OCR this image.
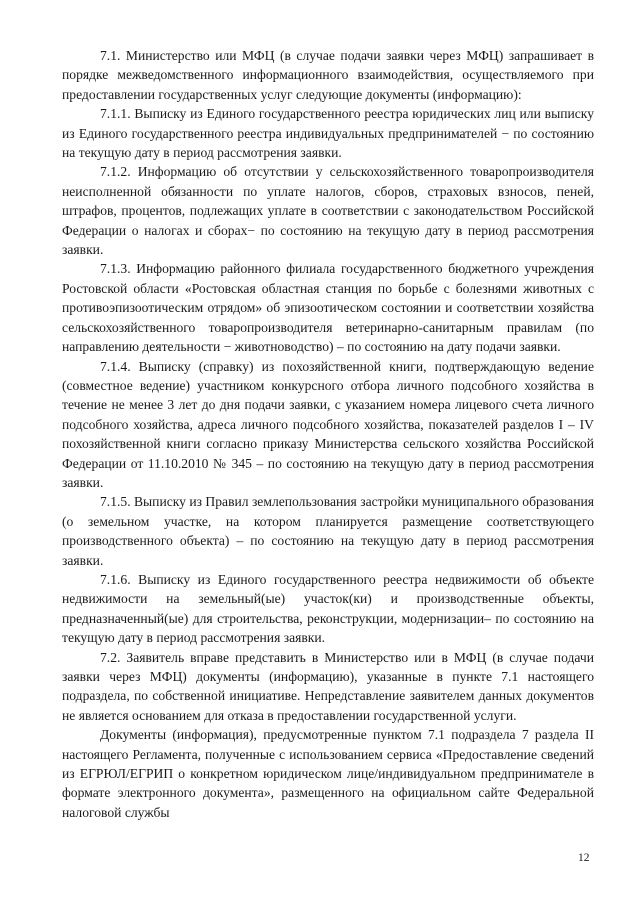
7.1. Министерство или МФЦ (в случае подачи заявки через МФЦ) запрашивает в порядке межведомственного информационного взаимодействия, осуществляемого при предоставлении государственных услуг следующие документы (информацию):

7.1.1. Выписку из Единого государственного реестра юридических лиц или выписку из Единого государственного реестра индивидуальных предпринимателей − по состоянию на текущую дату в период рассмотрения заявки.

7.1.2. Информацию об отсутствии у сельскохозяйственного товаропроизводителя неисполненной обязанности по уплате налогов, сборов, страховых взносов, пеней, штрафов, процентов, подлежащих уплате в соответствии с законодательством Российской Федерации о налогах и сборах− по состоянию на текущую дату в период рассмотрения заявки.

7.1.3. Информацию районного филиала государственного бюджетного учреждения Ростовской области «Ростовская областная станция по борьбе с болезнями животных с противоэпизоотическим отрядом» об эпизоотическом состоянии и соответствии хозяйства сельскохозяйственного товаропроизводителя ветеринарно-санитарным правилам (по направлению деятельности − животноводство) – по состоянию на дату подачи заявки.

7.1.4. Выписку (справку) из похозяйственной книги, подтверждающую ведение (совместное ведение) участником конкурсного отбора личного подсобного хозяйства в течение не менее 3 лет до дня подачи заявки, с указанием номера лицевого счета личного подсобного хозяйства, адреса личного подсобного хозяйства, показателей разделов I – IV похозяйственной книги согласно приказу Министерства сельского хозяйства Российской Федерации от 11.10.2010 № 345 – по состоянию на текущую дату в период рассмотрения заявки.

7.1.5. Выписку из Правил землепользования застройки муниципального образования (о земельном участке, на котором планируется размещение соответствующего производственного объекта) – по состоянию на текущую дату в период рассмотрения заявки.

7.1.6. Выписку из Единого государственного реестра недвижимости об объекте недвижимости на земельный(ые) участок(ки) и производственные объекты, предназначенный(ые) для строительства, реконструкции, модернизации– по состоянию на текущую дату в период рассмотрения заявки.

7.2. Заявитель вправе представить в Министерство или в МФЦ (в случае подачи заявки через МФЦ) документы (информацию), указанные в пункте 7.1 настоящего подраздела, по собственной инициативе. Непредставление заявителем данных документов не является основанием для отказа в предоставлении государственной услуги.

Документы (информация), предусмотренные пунктом 7.1 подраздела 7 раздела II настоящего Регламента, полученные с использованием сервиса «Предоставление сведений из ЕГРЮЛ/ЕГРИП о конкретном юридическом лице/индивидуальном предпринимателе в формате электронного документа», размещенного на официальном сайте Федеральной налоговой службы

12
